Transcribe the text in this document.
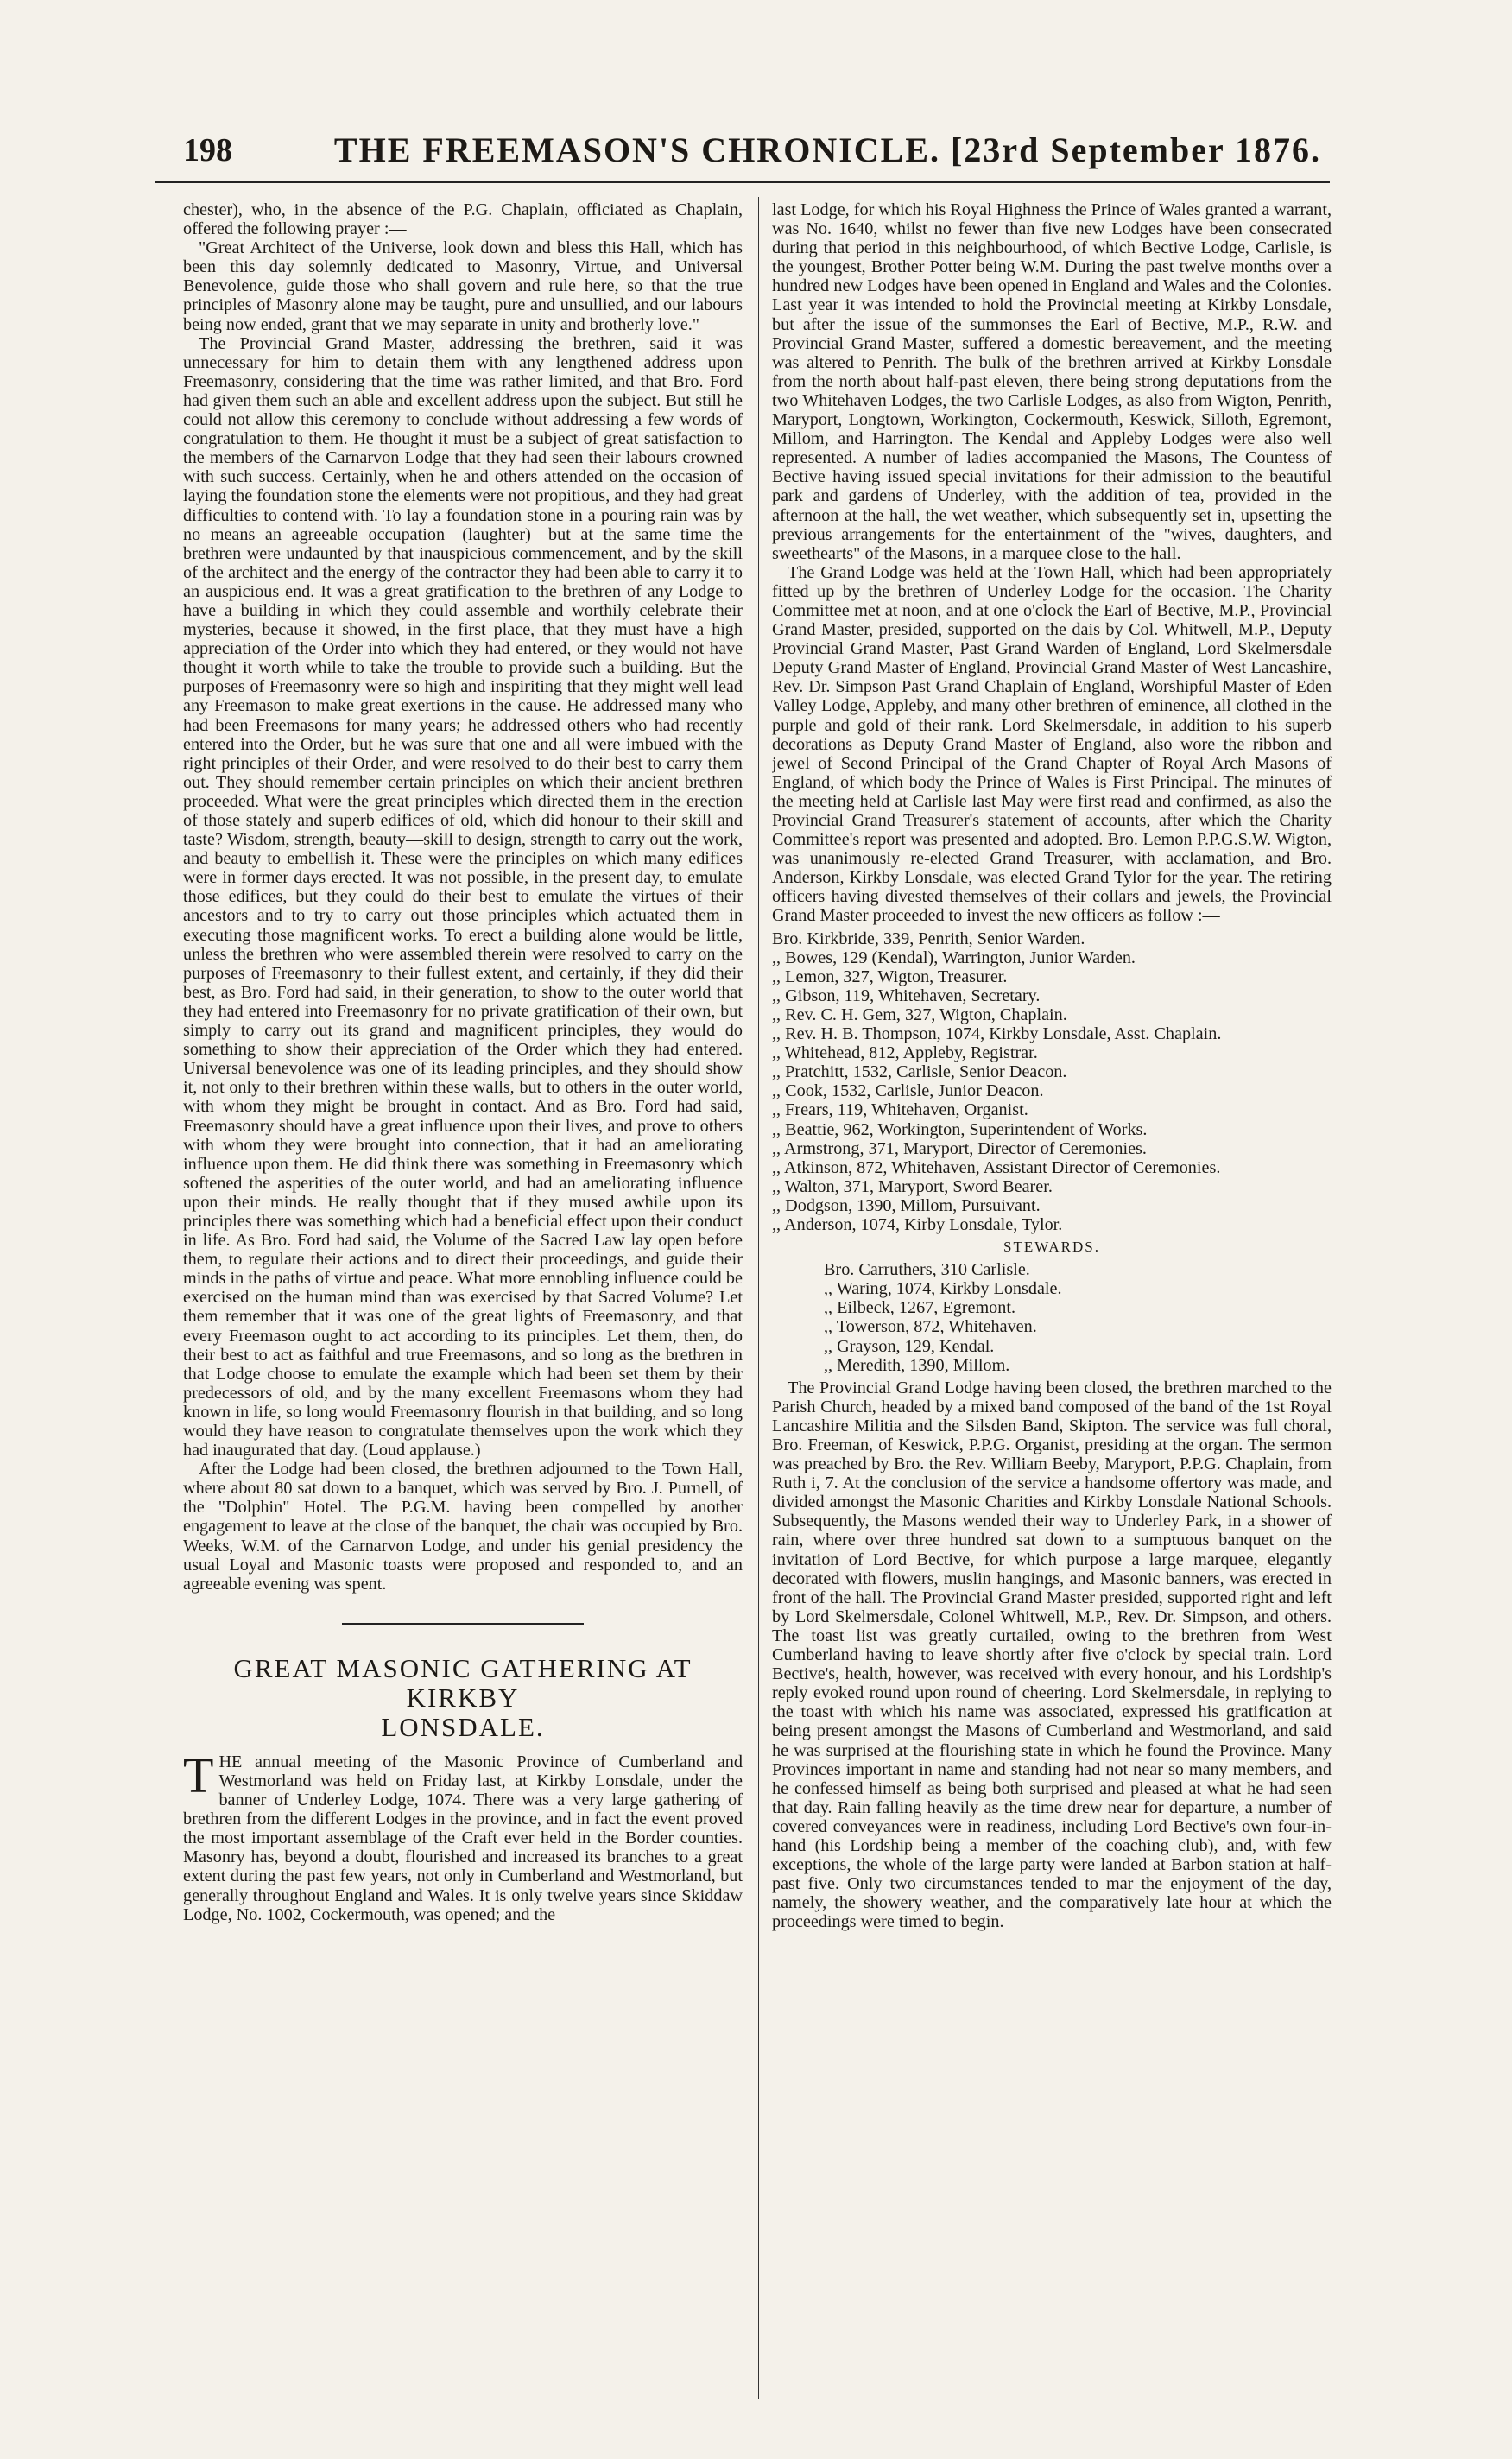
198	THE FREEMASON'S CHRONICLE. [23rd September 1876.

chester), who, in the absence of the P.G. Chaplain, officiated as Chaplain, offered the following prayer :—

"Great Architect of the Universe, look down and bless this Hall, which has been this day solemnly dedicated to Masonry, Virtue, and Universal Benevolence, guide those who shall govern and rule here, so that the true principles of Masonry alone may be taught, pure and unsullied, and our labours being now ended, grant that we may separate in unity and brotherly love."

The Provincial Grand Master, addressing the brethren, said it was unnecessary for him to detain them with any lengthened address upon Freemasonry, considering that the time was rather limited, and that Bro. Ford had given them such an able and excellent address upon the subject. But still he could not allow this ceremony to conclude without addressing a few words of congratulation to them. He thought it must be a subject of great satisfaction to the members of the Carnarvon Lodge that they had seen their labours crowned with such success. Certainly, when he and others attended on the occasion of laying the foundation stone the elements were not propitious, and they had great difficulties to contend with. To lay a foundation stone in a pouring rain was by no means an agreeable occupation—(laughter)—but at the same time the brethren were undaunted by that inauspicious commencement, and by the skill of the architect and the energy of the contractor they had been able to carry it to an auspicious end. It was a great gratification to the brethren of any Lodge to have a building in which they could assemble and worthily celebrate their mysteries, because it showed, in the first place, that they must have a high appreciation of the Order into which they had entered, or they would not have thought it worth while to take the trouble to provide such a building. But the purposes of Freemasonry were so high and inspiriting that they might well lead any Freemason to make great exertions in the cause. He addressed many who had been Freemasons for many years; he addressed others who had recently entered into the Order, but he was sure that one and all were imbued with the right principles of their Order, and were resolved to do their best to carry them out. They should remember certain principles on which their ancient brethren proceeded. What were the great principles which directed them in the erection of those stately and superb edifices of old, which did honour to their skill and taste? Wisdom, strength, beauty—skill to design, strength to carry out the work, and beauty to embellish it. These were the principles on which many edifices were in former days erected. It was not possible, in the present day, to emulate those edifices, but they could do their best to emulate the virtues of their ancestors and to try to carry out those principles which actuated them in executing those magnificent works. To erect a building alone would be little, unless the brethren who were assembled therein were resolved to carry on the purposes of Freemasonry to their fullest extent, and certainly, if they did their best, as Bro. Ford had said, in their generation, to show to the outer world that they had entered into Freemasonry for no private gratification of their own, but simply to carry out its grand and magnificent principles, they would do something to show their appreciation of the Order which they had entered. Universal benevolence was one of its leading principles, and they should show it, not only to their brethren within these walls, but to others in the outer world, with whom they might be brought in contact. And as Bro. Ford had said, Freemasonry should have a great influence upon their lives, and prove to others with whom they were brought into connection, that it had an ameliorating influence upon them. He did think there was something in Freemasonry which softened the asperities of the outer world, and had an ameliorating influence upon their minds. He really thought that if they mused awhile upon its principles there was something which had a beneficial effect upon their conduct in life. As Bro. Ford had said, the Volume of the Sacred Law lay open before them, to regulate their actions and to direct their proceedings, and guide their minds in the paths of virtue and peace. What more ennobling influence could be exercised on the human mind than was exercised by that Sacred Volume? Let them remember that it was one of the great lights of Freemasonry, and that every Freemason ought to act according to its principles. Let them, then, do their best to act as faithful and true Freemasons, and so long as the brethren in that Lodge choose to emulate the example which had been set them by their predecessors of old, and by the many excellent Freemasons whom they had known in life, so long would Freemasonry flourish in that building, and so long would they have reason to congratulate themselves upon the work which they had inaugurated that day. (Loud applause.)

After the Lodge had been closed, the brethren adjourned to the Town Hall, where about 80 sat down to a banquet, which was served by Bro. J. Purnell, of the "Dolphin" Hotel. The P.G.M. having been compelled by another engagement to leave at the close of the banquet, the chair was occupied by Bro. Weeks, W.M. of the Carnarvon Lodge, and under his genial presidency the usual Loyal and Masonic toasts were proposed and responded to, and an agreeable evening was spent.

GREAT MASONIC GATHERING AT KIRKBY
LONSDALE.

THE annual meeting of the Masonic Province of Cumberland and Westmorland was held on Friday last, at Kirkby Lonsdale, under the banner of Underley Lodge, 1074. There was a very large gathering of brethren from the different Lodges in the province, and in fact the event proved the most important assemblage of the Craft ever held in the Border counties. Masonry has, beyond a doubt, flourished and increased its branches to a great extent during the past few years, not only in Cumberland and Westmorland, but generally throughout England and Wales. It is only twelve years since Skiddaw Lodge, No. 1002, Cockermouth, was opened; and the

last Lodge, for which his Royal Highness the Prince of Wales granted a warrant, was No. 1640, whilst no fewer than five new Lodges have been consecrated during that period in this neighbourhood, of which Bective Lodge, Carlisle, is the youngest, Brother Potter being W.M. During the past twelve months over a hundred new Lodges have been opened in England and Wales and the Colonies. Last year it was intended to hold the Provincial meeting at Kirkby Lonsdale, but after the issue of the summonses the Earl of Bective, M.P., R.W. and Provincial Grand Master, suffered a domestic bereavement, and the meeting was altered to Penrith. The bulk of the brethren arrived at Kirkby Lonsdale from the north about half-past eleven, there being strong deputations from the two Whitehaven Lodges, the two Carlisle Lodges, as also from Wigton, Penrith, Maryport, Longtown, Workington, Cockermouth, Keswick, Silloth, Egremont, Millom, and Harrington. The Kendal and Appleby Lodges were also well represented. A number of ladies accompanied the Masons, The Countess of Bective having issued special invitations for their admission to the beautiful park and gardens of Underley, with the addition of tea, provided in the afternoon at the hall, the wet weather, which subsequently set in, upsetting the previous arrangements for the entertainment of the "wives, daughters, and sweethearts" of the Masons, in a marquee close to the hall.

The Grand Lodge was held at the Town Hall, which had been appropriately fitted up by the brethren of Underley Lodge for the occasion. The Charity Committee met at noon, and at one o'clock the Earl of Bective, M.P., Provincial Grand Master, presided, supported on the dais by Col. Whitwell, M.P., Deputy Provincial Grand Master, Past Grand Warden of England, Lord Skelmersdale Deputy Grand Master of England, Provincial Grand Master of West Lancashire, Rev. Dr. Simpson Past Grand Chaplain of England, Worshipful Master of Eden Valley Lodge, Appleby, and many other brethren of eminence, all clothed in the purple and gold of their rank. Lord Skelmersdale, in addition to his superb decorations as Deputy Grand Master of England, also wore the ribbon and jewel of Second Principal of the Grand Chapter of Royal Arch Masons of England, of which body the Prince of Wales is First Principal. The minutes of the meeting held at Carlisle last May were first read and confirmed, as also the Provincial Grand Treasurer's statement of accounts, after which the Charity Committee's report was presented and adopted. Bro. Lemon P.P.G.S.W. Wigton, was unanimously re-elected Grand Treasurer, with acclamation, and Bro. Anderson, Kirkby Lonsdale, was elected Grand Tylor for the year. The retiring officers having divested themselves of their collars and jewels, the Provincial Grand Master proceeded to invest the new officers as follow :—

Bro. Kirkbride, 339, Penrith, Senior Warden.

,, Bowes, 129 (Kendal), Warrington, Junior Warden.

,, Lemon, 327, Wigton, Treasurer.

,, Gibson, 119, Whitehaven, Secretary.

,, Rev. C. H. Gem, 327, Wigton, Chaplain.

,, Rev. H. B. Thompson, 1074, Kirkby Lonsdale, Asst. Chaplain.

,, Whitehead, 812, Appleby, Registrar.

,, Pratchitt, 1532, Carlisle, Senior Deacon.

,, Cook, 1532, Carlisle, Junior Deacon.

,, Frears, 119, Whitehaven, Organist.

,, Beattie, 962, Workington, Superintendent of Works.

,, Armstrong, 371, Maryport, Director of Ceremonies.

,, Atkinson, 872, Whitehaven, Assistant Director of Ceremonies.

,, Walton, 371, Maryport, Sword Bearer.

,, Dodgson, 1390, Millom, Pursuivant.

,, Anderson, 1074, Kirby Lonsdale, Tylor.

STEWARDS.

Bro. Carruthers, 310 Carlisle.

,, Waring, 1074, Kirkby Lonsdale.

,, Eilbeck, 1267, Egremont.

,, Towerson, 872, Whitehaven.

,, Grayson, 129, Kendal.

,, Meredith, 1390, Millom.

The Provincial Grand Lodge having been closed, the brethren marched to the Parish Church, headed by a mixed band composed of the band of the 1st Royal Lancashire Militia and the Silsden Band, Skipton. The service was full choral, Bro. Freeman, of Keswick, P.P.G. Organist, presiding at the organ. The sermon was preached by Bro. the Rev. William Beeby, Maryport, P.P.G. Chaplain, from Ruth i, 7. At the conclusion of the service a handsome offertory was made, and divided amongst the Masonic Charities and Kirkby Lonsdale National Schools. Subsequently, the Masons wended their way to Underley Park, in a shower of rain, where over three hundred sat down to a sumptuous banquet on the invitation of Lord Bective, for which purpose a large marquee, elegantly decorated with flowers, muslin hangings, and Masonic banners, was erected in front of the hall. The Provincial Grand Master presided, supported right and left by Lord Skelmersdale, Colonel Whitwell, M.P., Rev. Dr. Simpson, and others. The toast list was greatly curtailed, owing to the brethren from West Cumberland having to leave shortly after five o'clock by special train. Lord Bective's, health, however, was received with every honour, and his Lordship's reply evoked round upon round of cheering. Lord Skelmersdale, in replying to the toast with which his name was associated, expressed his gratification at being present amongst the Masons of Cumberland and Westmorland, and said he was surprised at the flourishing state in which he found the Province. Many Provinces important in name and standing had not near so many members, and he confessed himself as being both surprised and pleased at what he had seen that day. Rain falling heavily as the time drew near for departure, a number of covered conveyances were in readiness, including Lord Bective's own four-in-hand (his Lordship being a member of the coaching club), and, with few exceptions, the whole of the large party were landed at Barbon station at half-past five. Only two circumstances tended to mar the enjoyment of the day, namely, the showery weather, and the comparatively late hour at which the proceedings were timed to begin.
